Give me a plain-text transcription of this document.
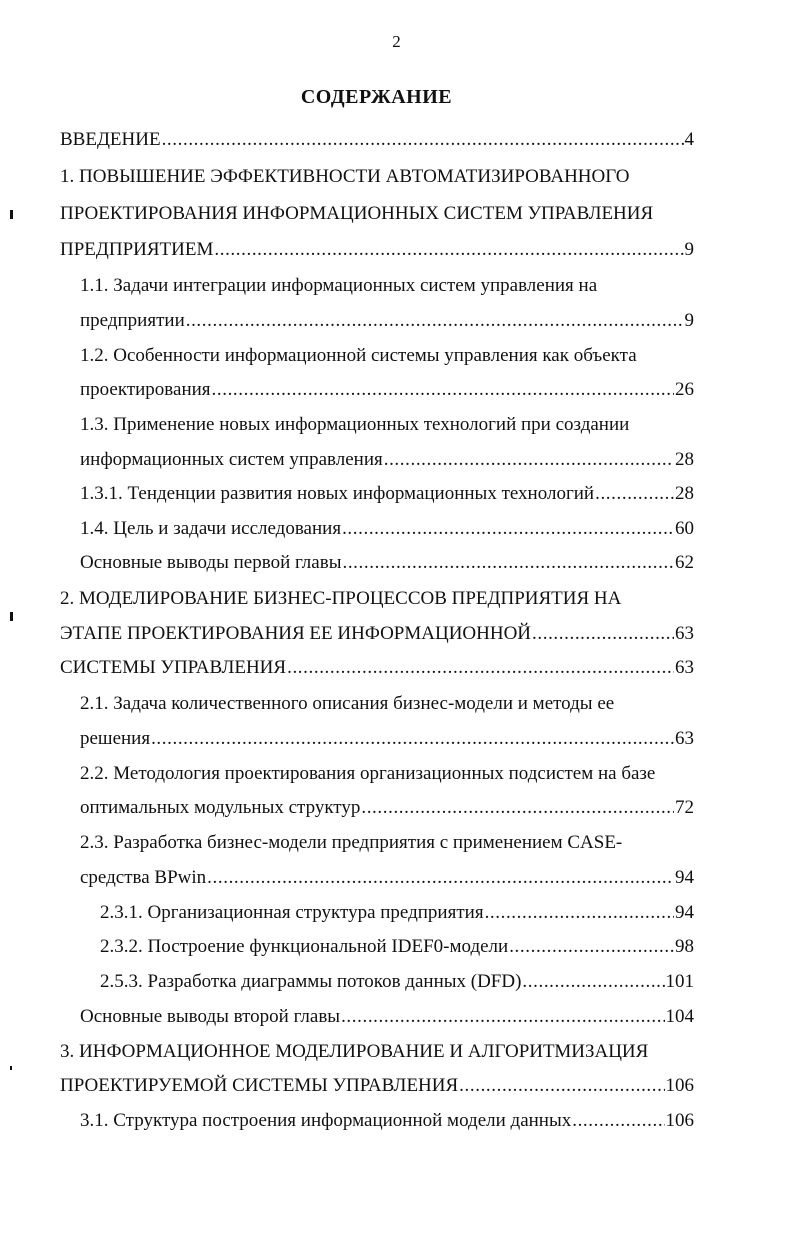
2
СОДЕРЖАНИЕ
ВВЕДЕНИЕ .....	4
1. ПОВЫШЕНИЕ ЭФФЕКТИВНОСТИ АВТОМАТИЗИРОВАННОГО
ПРОЕКТИРОВАНИЯ ИНФОРМАЦИОННЫХ СИСТЕМ УПРАВЛЕНИЯ
ПРЕДПРИЯТИЕМ .....	9
1.1. Задачи интеграции информационных систем управления на
предприятии .....	9
1.2. Особенности информационной системы управления как объекта
проектирования .....	26
1.3. Применение новых информационных технологий при создании
информационных систем управления .....	28
1.3.1. Тенденции развития новых информационных технологий .....	28
1.4. Цель и задачи исследования .....	60
Основные выводы первой главы .....	62
2. МОДЕЛИРОВАНИЕ БИЗНЕС-ПРОЦЕССОВ ПРЕДПРИЯТИЯ НА
ЭТАПЕ ПРОЕКТИРОВАНИЯ ЕЕ ИНФОРМАЦИОННОЙ .....	63
СИСТЕМЫ УПРАВЛЕНИЯ .....	63
2.1. Задача количественного описания бизнес-модели и методы ее
решения .....	63
2.2. Методология проектирования организационных подсистем на базе
оптимальных модульных структур .....	72
2.3. Разработка бизнес-модели предприятия с применением CASE-
средства BPwin .....	94
2.3.1. Организационная структура предприятия .....	94
2.3.2. Построение функциональной IDEF0-модели .....	98
2.5.3. Разработка диаграммы потоков данных (DFD) .....	101
Основные выводы второй главы .....	104
3. ИНФОРМАЦИОННОЕ МОДЕЛИРОВАНИЕ И АЛГОРИТМИЗАЦИЯ
ПРОЕКТИРУЕМОЙ СИСТЕМЫ УПРАВЛЕНИЯ .....	106
3.1. Структура построения информационной модели данных .....	106
